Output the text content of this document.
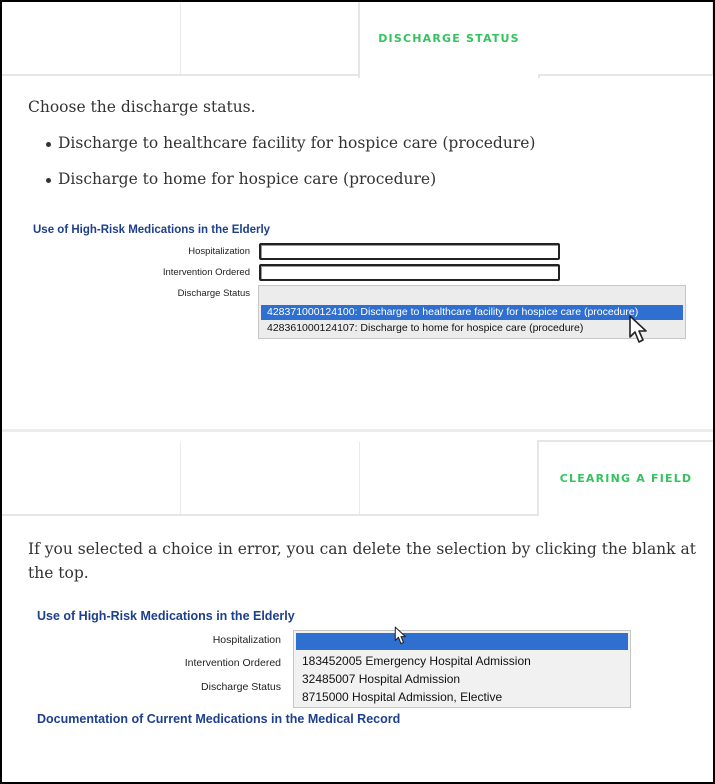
DISCHARGE STATUS

Choose the discharge status.

Discharge to healthcare facility for hospice care (procedure)
Discharge to home for hospice care (procedure)
Use of High-Risk Medications in the Elderly
Hospitalization
Intervention Ordered
Discharge Status
428371000124100: Discharge to healthcare facility for hospice care (procedure)
428361000124107: Discharge to home for hospice care (procedure)
CLEARING A FIELD

If you selected a choice in error, you can delete the selection by clicking the blank at the top.

Use of High-Risk Medications in the Elderly
Hospitalization
Intervention Ordered
Discharge Status
183452005 Emergency Hospital Admission
32485007 Hospital Admission
8715000 Hospital Admission, Elective
Documentation of Current Medications in the Medical Record
